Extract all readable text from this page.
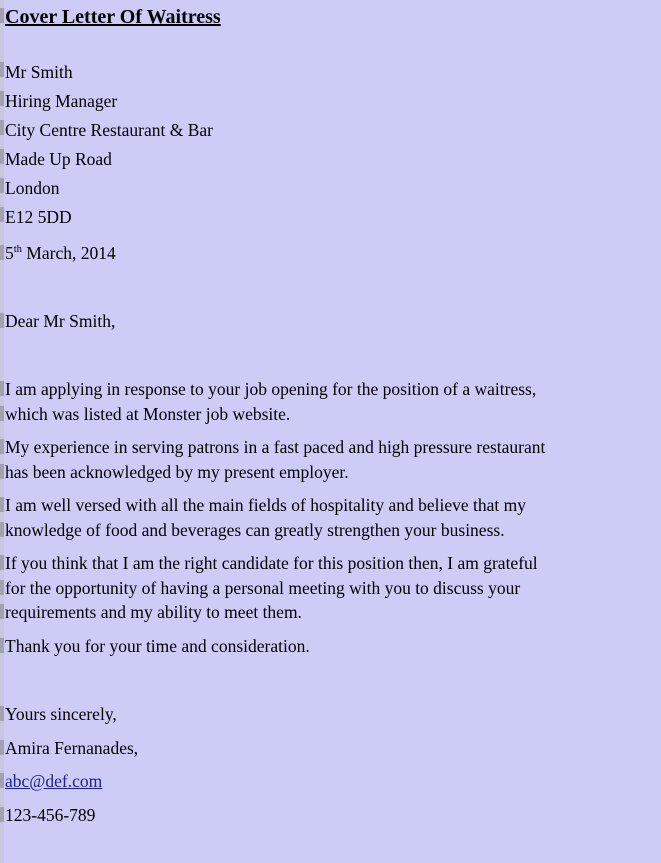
Cover Letter Of Waitress
Mr Smith
Hiring Manager
City Centre Restaurant & Bar
Made Up Road
London
E12 5DD
5th March, 2014
Dear Mr Smith,
I am applying in response to your job opening for the position of a waitress,
which was listed at Monster job website.
My experience in serving patrons in a fast paced and high pressure restaurant
has been acknowledged by my present employer.
I am well versed with all the main fields of hospitality and believe that my
knowledge of food and beverages can greatly strengthen your business.
If you think that I am the right candidate for this position then, I am grateful
for the opportunity of having a personal meeting with you to discuss your
requirements and my ability to meet them.
Thank you for your time and consideration.
Yours sincerely,
Amira Fernanades,
abc@def.com
123-456-789
